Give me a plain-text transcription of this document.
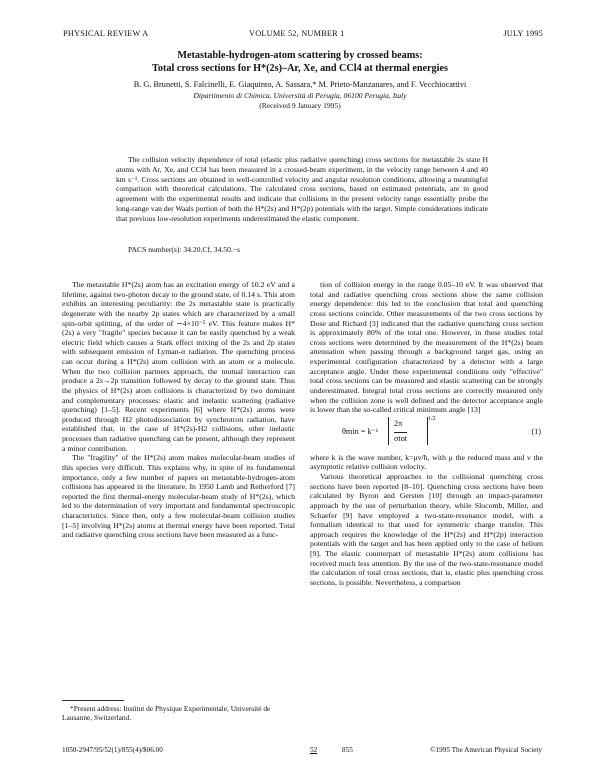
PHYSICAL REVIEW A	VOLUME 52, NUMBER 1	JULY 1995
Metastable-hydrogen-atom scattering by crossed beams:
Total cross sections for H*(2s)–Ar, Xe, and CCl4 at thermal energies
B. G. Brunetti, S. Falcinelli, E. Giaquinto, A. Sassara,* M. Prieto-Manzanares, and F. Vecchiocattivi
Dipartimento di Chimica, Università di Perugia, 06100 Perugia, Italy
(Received 9 January 1995)

The collision velocity dependence of total (elastic plus radiative quenching) cross sections for metastable 2s state H atoms with Ar, Xe, and CCl4 has been measured in a crossed-beam experiment, in the velocity range between 4 and 40 km s⁻¹. Cross sections are obtained in well-controlled velocity and angular resolution conditions, allowing a meaningful comparison with theoretical calculations. The calculated cross sections, based on estimated potentials, are in good agreement with the experimental results and indicate that collisions in the present velocity range essentially probe the long-range van der Waals portion of both the H*(2s) and H*(2p) potentials with the target. Simple considerations indicate that previous low-resolution experiments underestimated the elastic component.

PACS number(s): 34.20.Cf, 34.50.−s

The metastable H*(2s) atom has an excitation energy of 10.2 eV and a lifetime, against two-photon decay to the ground state, of 0.14 s. This atom exhibits an interesting peculiarity: the 2s metastable state is practically degenerate with the nearby 2p states which are characterized by a small spin-orbit splitting, of the order of ∼4×10⁻⁵ eV. This feature makes H*(2s) a very "fragile" species because it can be easily quenched by a weak electric field which causes a Stark effect mixing of the 2s and 2p states with subsequent emission of Lyman-α radiation. The quenching process can occur during a H*(2s) atom collision with an atom or a molecule. When the two collision partners approach, the mutual interaction can produce a 2s→2p transition followed by decay to the ground state. Thus the physics of H*(2s) atom collisions is characterized by two dominant and complementary processes: elastic and inelastic scattering (radiative quenching) [1–5]. Recent experiments [6] where H*(2s) atoms were produced through H2 photodissociation by synchrotron radiation, have established that, in the case of H*(2s)-H2 collisions, other inelastic processes than radiative quenching can be present, although they represent a minor contribution.

The "fragility" of the H*(2s) atom makes molecular-beam studies of this species very difficult. This explains why, in spite of its fundamental importance, only a few number of papers on metastable-hydrogen-atom collisions has appeared in the literature. In 1950 Lamb and Retherford [7] reported the first thermal-energy molecular-beam study of H*(2s), which led to the determination of very important and fundamental spectroscopic characteristics. Since then, only a few molecular-beam collision studies [1–5] involving H*(2s) atoms at thermal energy have been reported. Total and radiative quenching cross sections have been measured as a func-

tion of collision energy in the range 0.05–10 eV. It was observed that total and radiative quenching cross sections show the same collision energy dependence: this led to the conclusion that total and quenching cross sections coincide. Other measurements of the two cross sections by Dose and Richard [3] indicated that the radiative quenching cross section is approximately 80% of the total one. However, in these studies total cross sections were determined by the measurement of the H*(2s) beam attenuation when passing through a background target gas, using an experimental configuration characterized by a detector with a large acceptance angle. Under these experimental conditions only "effective" total cross sections can be measured and elastic scattering can be strongly underestimated. Integral total cross sections are correctly measured only when the collision zone is well defined and the detector acceptance angle is lower than the so-called critical minimum angle [13]

θmin = k⁻¹
2π
σtot
1/2
(1)

where k is the wave number, k=μv/ħ, with μ the reduced mass and v the asymptotic relative collision velocity.

Various theoretical approaches to the collisional quenching cross sections have been reported [8–10]. Quenching cross sections have been calculated by Byron and Gersten [10] through an impact-parameter approach by the use of perturbation theory, while Slocomb, Miller, and Schaefer [9] have employed a two-state-resonance model, with a formalism identical to that used for symmetric charge transfer. This approach requires the knowledge of the H*(2s) and H*(2p) interaction potentials with the target and has been applied only to the case of helium [9]. The elastic counterpart of metastable H*(2s) atom collisions has received much less attention. By the use of the two-state-resonance model the calculation of total cross sections, that is, elastic plus quenching cross sections, is possible. Nevertheless, a comparison

*Present address: Institut de Physique Experimentale, Université de Lausanne, Switzerland.
1050-2947/95/52(1)/855(4)/$06.00	52	855	©1995 The American Physical Society
